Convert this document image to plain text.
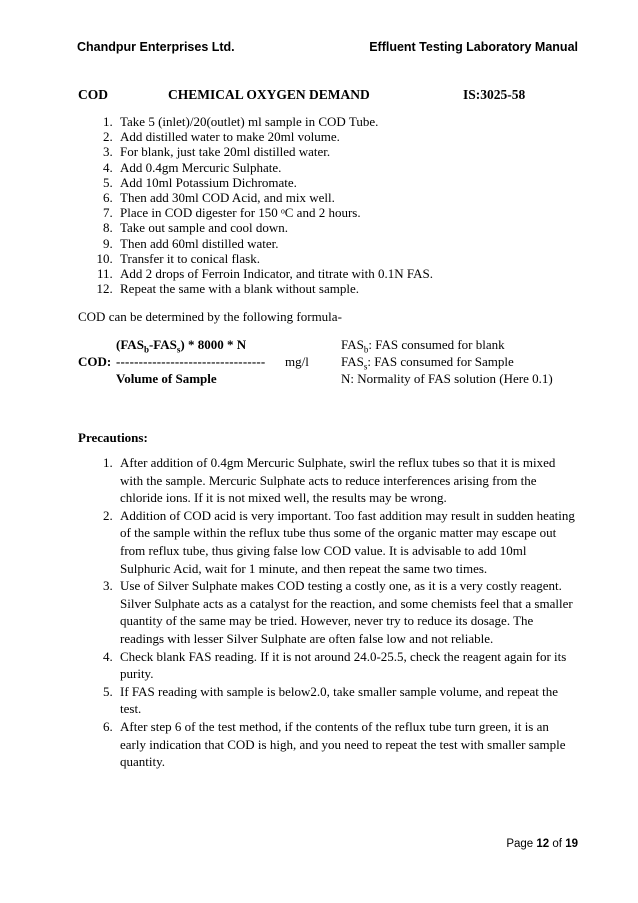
Chandpur Enterprises Ltd.	Effluent Testing Laboratory Manual
COD	CHEMICAL OXYGEN DEMAND	IS:3025-58
1. Take 5 (inlet)/20(outlet) ml sample in COD Tube.
2. Add distilled water to make 20ml volume.
3. For blank, just take 20ml distilled water.
4. Add 0.4gm Mercuric Sulphate.
5. Add 10ml Potassium Dichromate.
6. Then add 30ml COD Acid, and mix well.
7. Place in COD digester for 150 ᵒC and 2 hours.
8. Take out sample and cool down.
9. Then add 60ml distilled water.
10. Transfer it to conical flask.
11. Add 2 drops of Ferroin Indicator, and titrate with 0.1N FAS.
12. Repeat the same with a blank without sample.
COD can be determined by the following formula-
$(FAS_b-FAS_s) * 8000$ * N
COD: --------------------------------- mg/l
Volume of Sample
$FAS_b$: FAS consumed for blank
$FAS_s$: FAS consumed for Sample
N: Normality of FAS solution (Here 0.1)
Precautions:
1. After addition of 0.4gm Mercuric Sulphate, swirl the reflux tubes so that it is mixed with the sample. Mercuric Sulphate acts to reduce interferences arising from the chloride ions. If it is not mixed well, the results may be wrong.
2. Addition of COD acid is very important. Too fast addition may result in sudden heating of the sample within the reflux tube thus some of the organic matter may escape out from reflux tube, thus giving false low COD value. It is advisable to add 10ml Sulphuric Acid, wait for 1 minute, and then repeat the same two times.
3. Use of Silver Sulphate makes COD testing a costly one, as it is a very costly reagent. Silver Sulphate acts as a catalyst for the reaction, and some chemists feel that a smaller quantity of the same may be tried. However, never try to reduce its dosage. The readings with lesser Silver Sulphate are often false low and not reliable.
4. Check blank FAS reading. If it is not around 24.0-25.5, check the reagent again for its purity.
5. If FAS reading with sample is below2.0, take smaller sample volume, and repeat the test.
6. After step 6 of the test method, if the contents of the reflux tube turn green, it is an early indication that COD is high, and you need to repeat the test with smaller sample quantity.
Page 12 of 19
